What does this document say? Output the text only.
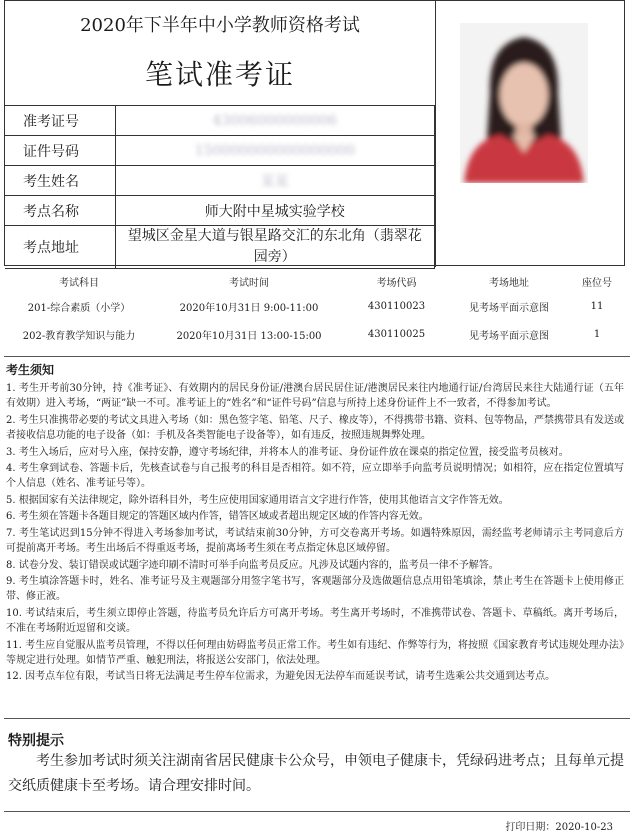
2020年下半年中小学教师资格考试
笔试准考证
准考证号	43006000000006
证件号码	150000000000000000
考生姓名	某某
考点名称	师大附中星城实验学校
考点地址	望城区金星大道与银星路交汇的东北角（翡翠花园旁）
考试科目	考试时间	考场代码	考场地址	座位号
201-综合素质（小学）	2020年10月31日 9:00-11:00	430110023	见考场平面示意图	11
202-教育教学知识与能力	2020年10月31日 13:00-15:00	430110025	见考场平面示意图	1
考生须知
1. 考生开考前30分钟，持《准考证》、有效期内的居民身份证/港澳台居民居住证/港澳居民来往内地通行证/台湾居民来往大陆通行证（五年有效期）进入考场，“两证”缺一不可。准考证上的“姓名”和“证件号码”信息与所持上述身份证件上不一致者，不得参加考试。
2. 考生只准携带必要的考试文具进入考场（如：黑色签字笔、铅笔、尺子、橡皮等），不得携带书籍、资料、包等物品，严禁携带具有发送或者接收信息功能的电子设备（如：手机及各类智能电子设备等），如有违反，按照违规舞弊处理。
3. 考生入场后，应对号入座，保持安静，遵守考场纪律，并将本人的准考证、身份证件放在课桌的指定位置，接受监考员核对。
4. 考生拿到试卷、答题卡后，先核查试卷与自己报考的科目是否相符。如不符，应立即举手向监考员说明情况；如相符，应在指定位置填写个人信息（姓名、准考证号等）。
5. 根据国家有关法律规定，除外语科目外，考生应使用国家通用语言文字进行作答，使用其他语言文字作答无效。
6. 考生须在答题卡各题目规定的答题区域内作答，错答区域或者超出规定区域的作答内容无效。
7. 考生笔试迟到15分钟不得进入考场参加考试，考试结束前30分钟，方可交卷离开考场。如遇特殊原因，需经监考老师请示主考同意后方可提前离开考场。考生出场后不得重返考场，提前离场考生须在考点指定休息区域停留。
8. 试卷分发、装订错误或试题字迹印刷不清时可举手向监考员反应。凡涉及试题内容的，监考员一律不予解答。
9. 考生填涂答题卡时，姓名、准考证号及主观题部分用签字笔书写，客观题部分及选做题信息点用铅笔填涂，禁止考生在答题卡上使用修正带、修正液。
10. 考试结束后，考生须立即停止答题，待监考员允许后方可离开考场。考生离开考场时，不准携带试卷、答题卡、草稿纸。离开考场后，不准在考场附近逗留和交谈。
11. 考生应自觉服从监考员管理，不得以任何理由妨碍监考员正常工作。考生如有违纪、作弊等行为，将按照《国家教育考试违规处理办法》等规定进行处理。如情节严重、触犯刑法，将报送公安部门，依法处理。
12. 因考点车位有限，考试当日将无法满足考生停车位需求，为避免因无法停车而延误考试，请考生选乘公共交通到达考点。
特别提示
考生参加考试时须关注湖南省居民健康卡公众号，申领电子健康卡，凭绿码进考点；且每单元提交纸质健康卡至考场。请合理安排时间。
打印日期：2020-10-23
